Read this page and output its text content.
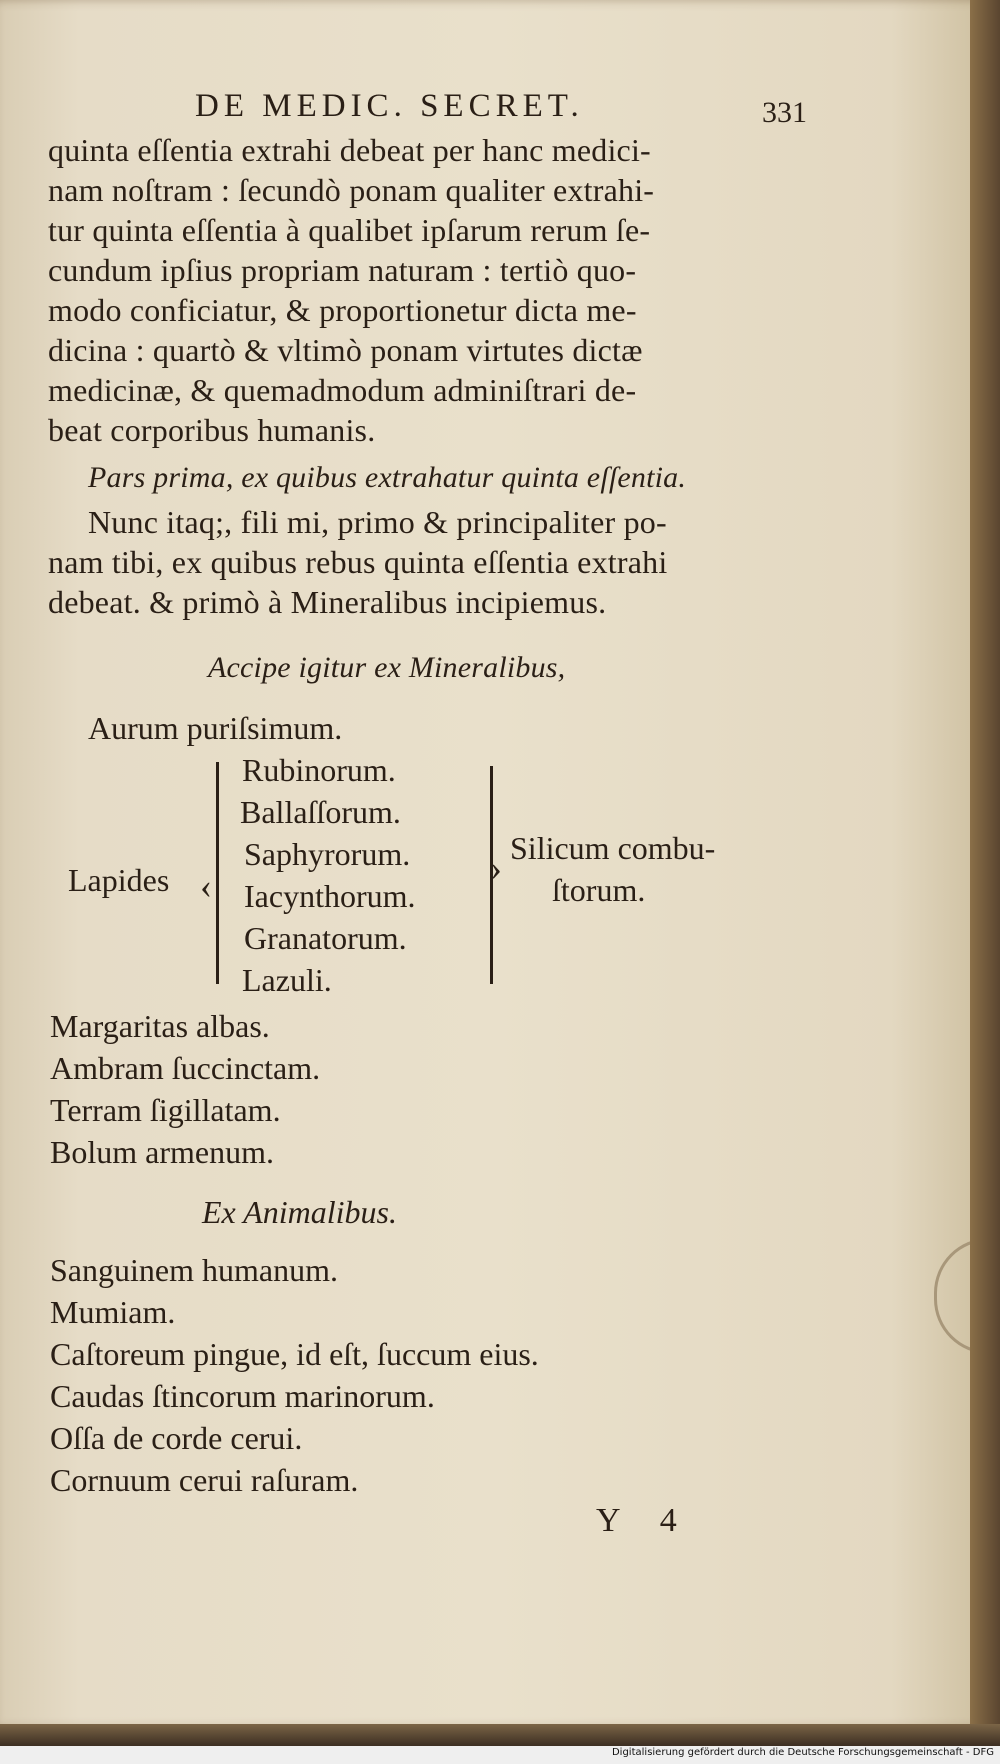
DE MEDIC. SECRET.	331
quinta eſſentia extrahi debeat per hanc medici-
nam noſtram : ſecundò ponam qualiter extrahi-
tur quinta eſſentia à qualibet ipſarum rerum ſe-
cundum ipſius propriam naturam : tertiò quo-
modo conficiatur, & proportionetur dicta me-
dicina : quartò & vltimò ponam virtutes dictæ
medicinæ, & quemadmodum adminiſtrari de-
beat corporibus humanis.
Pars prima, ex quibus extrahatur quinta eſſentia.
Nunc itaq;, fili mi, primo & principaliter po-
nam tibi, ex quibus rebus quinta eſſentia extrahi
debeat. & primò à Mineralibus incipiemus.
Accipe igitur ex Mineralibus,
Aurum puriſsimum.
Lapides ‹
Rubinorum.
Ballaſſorum.
Saphyrorum.
Iacynthorum.
Granatorum.
Lazuli.
› Silicum combu-
ſtorum.
Margaritas albas.
Ambram ſuccinctam.
Terram ſigillatam.
Bolum armenum.
Ex Animalibus.
Sanguinem humanum.
Mumiam.
Caſtoreum pingue, id eſt, ſuccum eius.
Caudas ſtincorum marinorum.
Oſſa de corde cerui.
Cornuum cerui raſuram.
Y 4
Digitalisierung gefördert durch die Deutsche Forschungsgemeinschaft - DFG
